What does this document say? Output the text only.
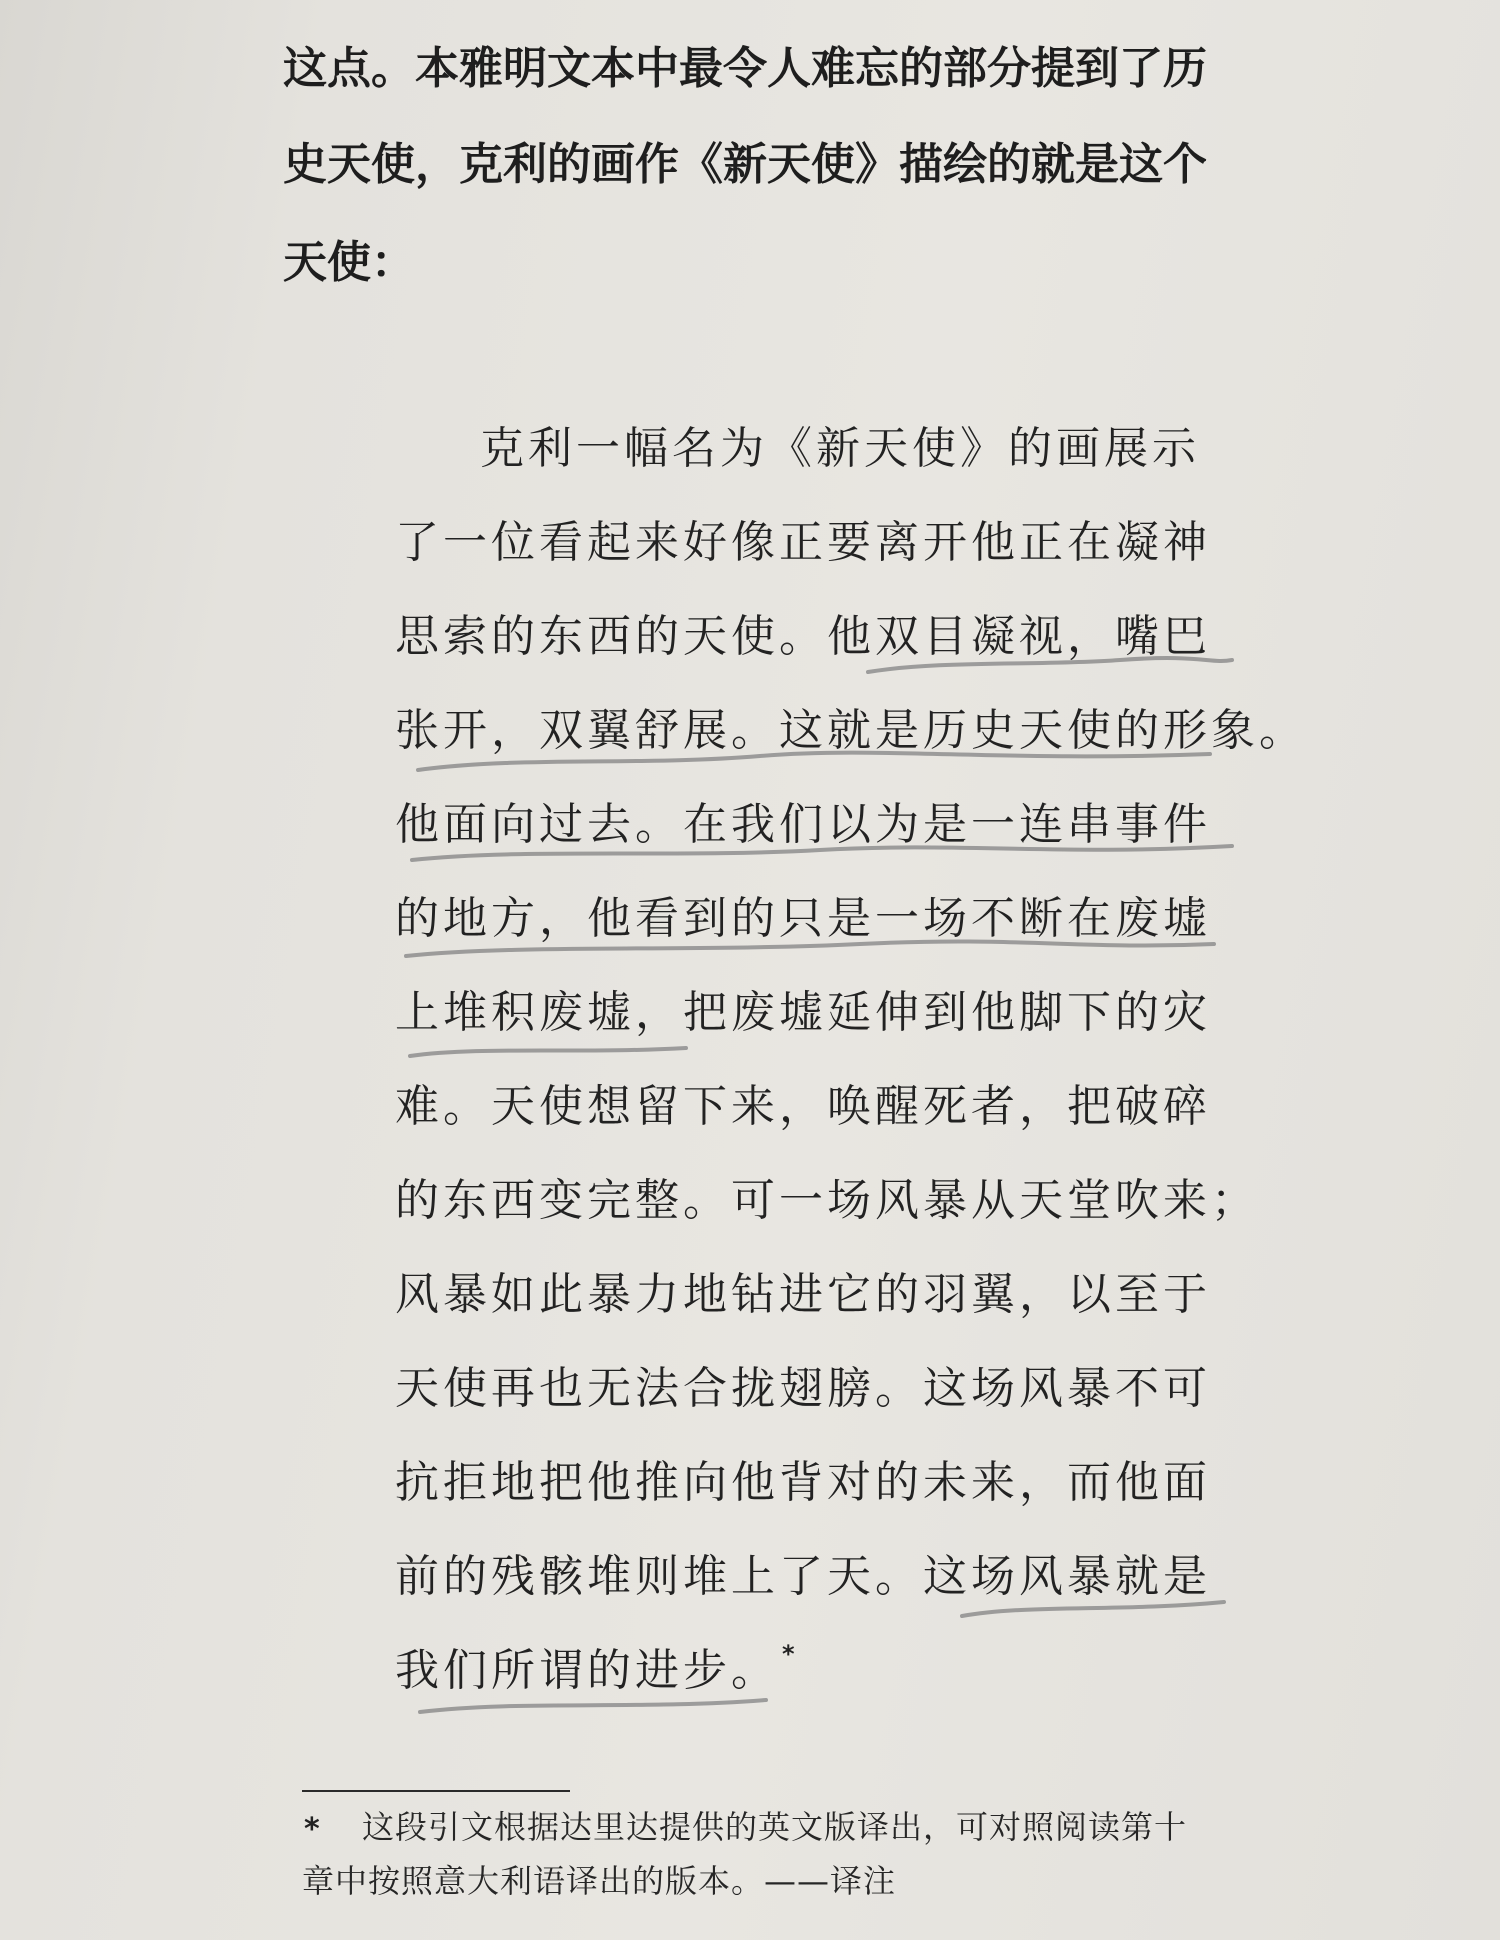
这点。本雅明文本中最令人难忘的部分提到了历
史天使，克利的画作《新天使》描绘的就是这个
天使：
克利一幅名为《新天使》的画展示
了一位看起来好像正要离开他正在凝神
思索的东西的天使。他双目凝视，嘴巴
张开，双翼舒展。这就是历史天使的形象。
他面向过去。在我们以为是一连串事件
的地方，他看到的只是一场不断在废墟
上堆积废墟，把废墟延伸到他脚下的灾
难。天使想留下来，唤醒死者，把破碎
的东西变完整。可一场风暴从天堂吹来；
风暴如此暴力地钻进它的羽翼，以至于
天使再也无法合拢翅膀。这场风暴不可
抗拒地把他推向他背对的未来，而他面
前的残骸堆则堆上了天。这场风暴就是
我们所谓的进步。 *
* 这段引文根据达里达提供的英文版译出，可对照阅读第十
章中按照意大利语译出的版本。——译注
